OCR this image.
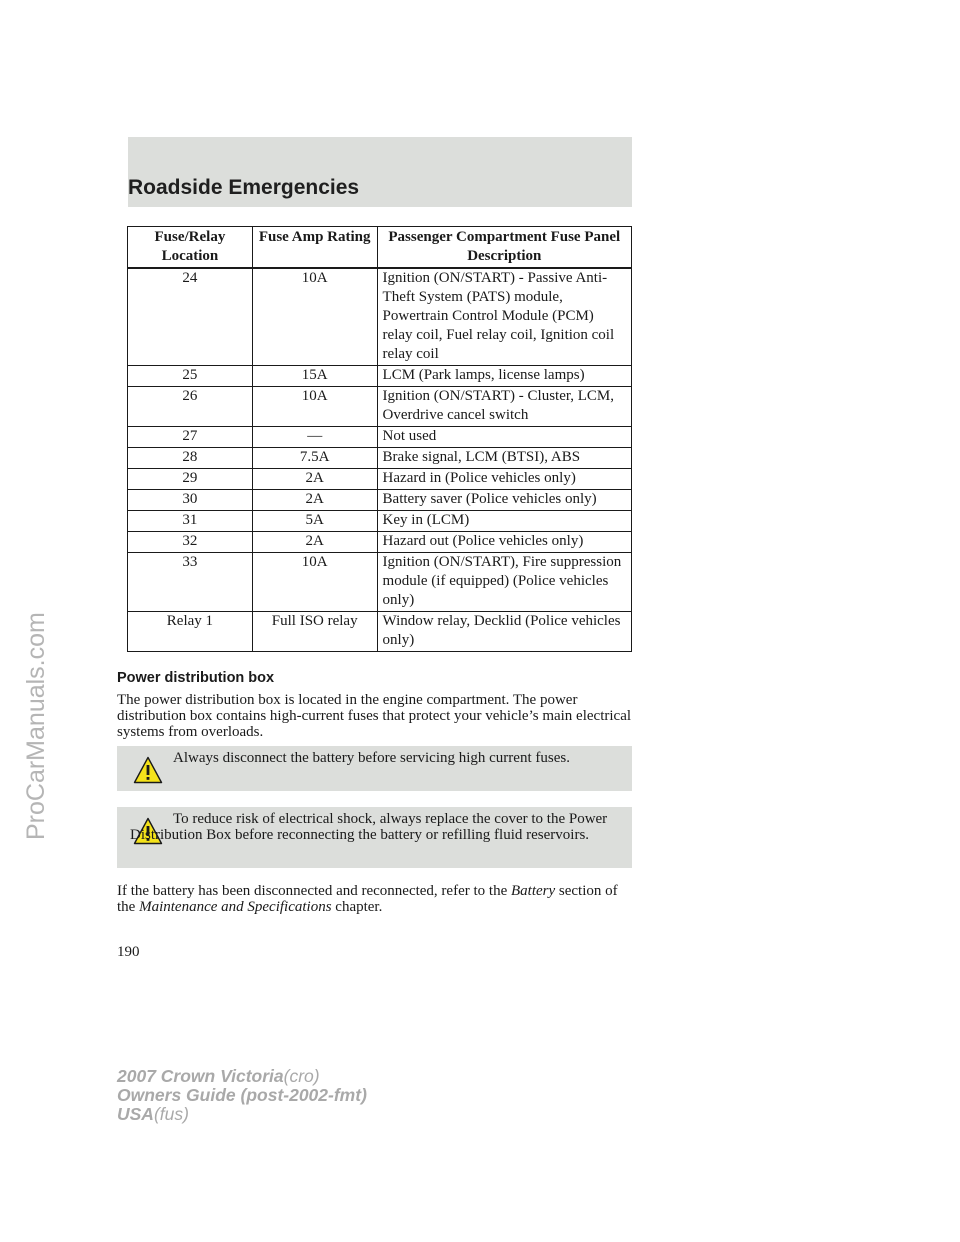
Roadside Emergencies
ProCarManuals.com
Fuse/Relay Location	Fuse Amp Rating	Passenger Compartment Fuse Panel Description
24	10A	Ignition (ON/START) - Passive Anti-Theft System (PATS) module, Powertrain Control Module (PCM) relay coil, Fuel relay coil, Ignition coil relay coil
25	15A	LCM (Park lamps, license lamps)
26	10A	Ignition (ON/START) - Cluster, LCM, Overdrive cancel switch
27	—	Not used
28	7.5A	Brake signal, LCM (BTSI), ABS
29	2A	Hazard in (Police vehicles only)
30	2A	Battery saver (Police vehicles only)
31	5A	Key in (LCM)
32	2A	Hazard out (Police vehicles only)
33	10A	Ignition (ON/START), Fire suppression module (if equipped) (Police vehicles only)
Relay 1	Full ISO relay	Window relay, Decklid (Police vehicles only)
Power distribution box
The power distribution box is located in the engine compartment. The power distribution box contains high-current fuses that protect your vehicle’s main electrical systems from overloads.
Always disconnect the battery before servicing high current fuses.
To reduce risk of electrical shock, always replace the cover to the Power Distribution Box before reconnecting the battery or refilling fluid reservoirs.
If the battery has been disconnected and reconnected, refer to the Battery section of the Maintenance and Specifications chapter.
190
2007 Crown Victoria(cro)
Owners Guide (post-2002-fmt)
USA(fus)
